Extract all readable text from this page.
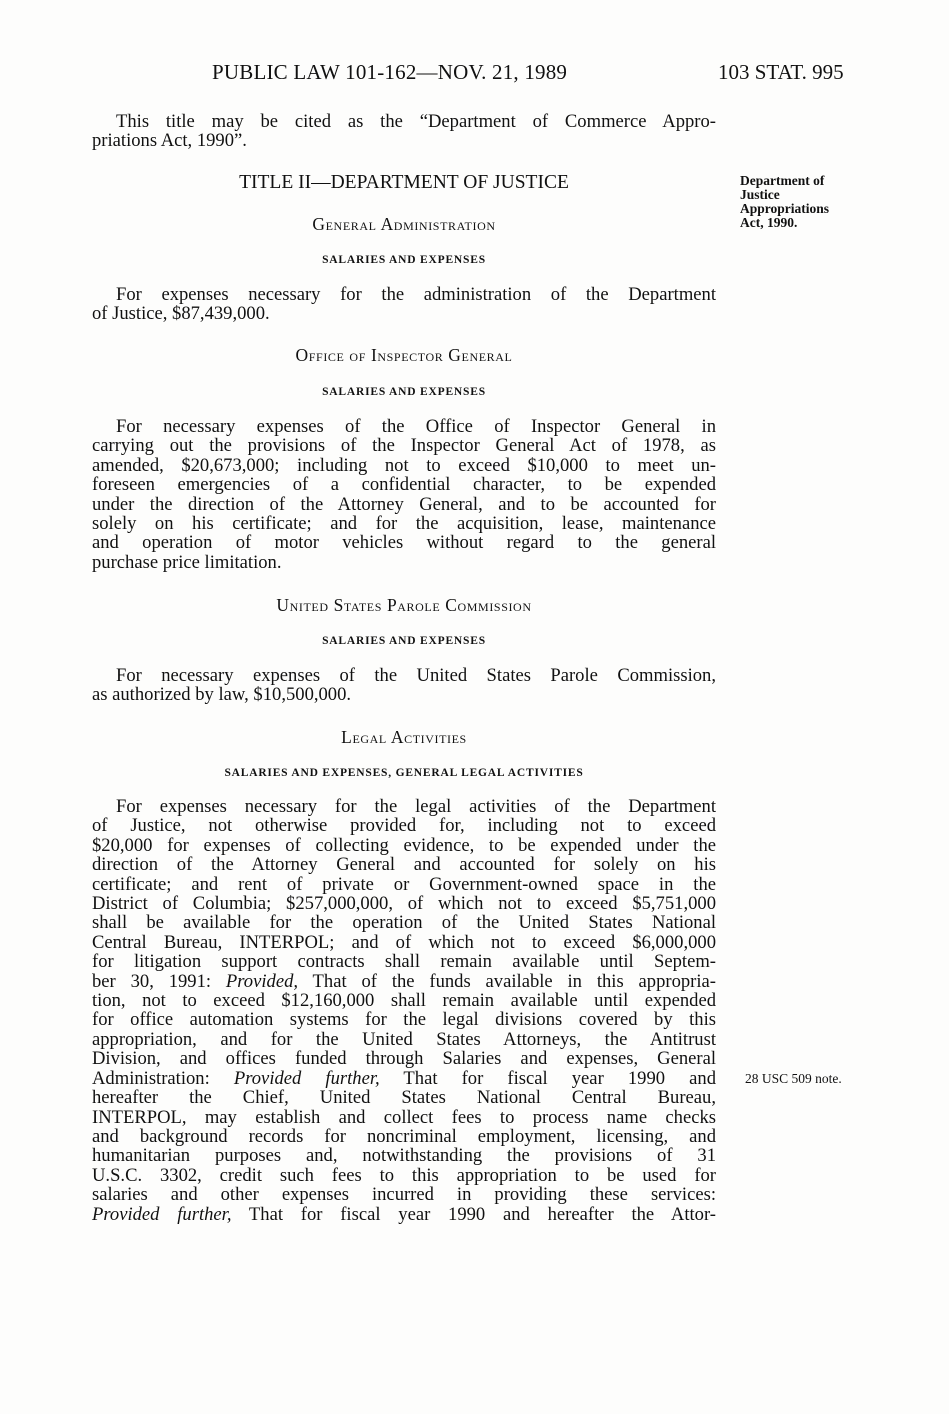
PUBLIC LAW 101-162—NOV. 21, 1989	103 STAT. 995
This title may be cited as the “Department of Commerce Appro-
priations Act, 1990”.
TITLE II—DEPARTMENT OF JUSTICE	Department of
Justice
Appropriations
Act, 1990.
General Administration
SALARIES AND EXPENSES
For expenses necessary for the administration of the Department
of Justice, $87,439,000.
Office of Inspector General
SALARIES AND EXPENSES
For necessary expenses of the Office of Inspector General in
carrying out the provisions of the Inspector General Act of 1978, as
amended, $20,673,000; including not to exceed $10,000 to meet un-
foreseen emergencies of a confidential character, to be expended
under the direction of the Attorney General, and to be accounted for
solely on his certificate; and for the acquisition, lease, maintenance
and operation of motor vehicles without regard to the general
purchase price limitation.
United States Parole Commission
SALARIES AND EXPENSES
For necessary expenses of the United States Parole Commission,
as authorized by law, $10,500,000.
Legal Activities
SALARIES AND EXPENSES, GENERAL LEGAL ACTIVITIES
For expenses necessary for the legal activities of the Department
of Justice, not otherwise provided for, including not to exceed
$20,000 for expenses of collecting evidence, to be expended under the
direction of the Attorney General and accounted for solely on his
certificate; and rent of private or Government-owned space in the
District of Columbia; $257,000,000, of which not to exceed $5,751,000
shall be available for the operation of the United States National
Central Bureau, INTERPOL; and of which not to exceed $6,000,000
for litigation support contracts shall remain available until Septem-
ber 30, 1991: Provided, That of the funds available in this appropria-
tion, not to exceed $12,160,000 shall remain available until expended
for office automation systems for the legal divisions covered by this
appropriation, and for the United States Attorneys, the Antitrust
Division, and offices funded through Salaries and expenses, General
Administration: Provided further, That for fiscal year 1990 and
hereafter the Chief, United States National Central Bureau,
INTERPOL, may establish and collect fees to process name checks
and background records for noncriminal employment, licensing, and
humanitarian purposes and, notwithstanding the provisions of 31
U.S.C. 3302, credit such fees to this appropriation to be used for
salaries and other expenses incurred in providing these services:
Provided further, That for fiscal year 1990 and hereafter the Attor-
28 USC 509 note.
